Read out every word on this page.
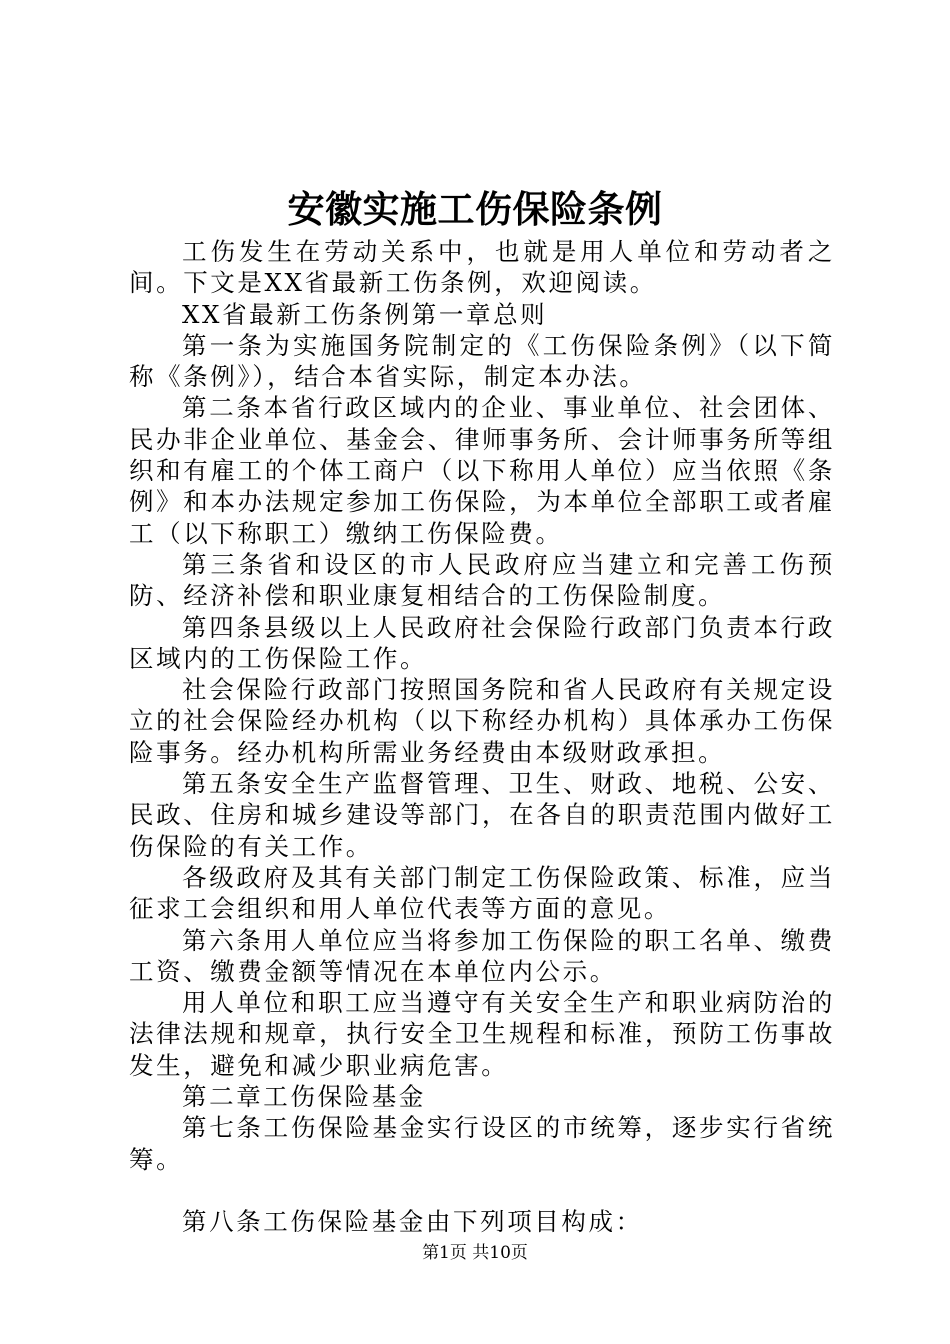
安徽实施工伤保险条例

工伤发生在劳动关系中，也就是用人单位和劳动者之间。下文是XX省最新工伤条例，欢迎阅读。

XX省最新工伤条例第一章总则

第一条为实施国务院制定的《工伤保险条例》（以下简称《条例》），结合本省实际，制定本办法。

第二条本省行政区域内的企业、事业单位、社会团体、民办非企业单位、基金会、律师事务所、会计师事务所等组织和有雇工的个体工商户（以下称用人单位）应当依照《条例》和本办法规定参加工伤保险，为本单位全部职工或者雇工（以下称职工）缴纳工伤保险费。

第三条省和设区的市人民政府应当建立和完善工伤预防、经济补偿和职业康复相结合的工伤保险制度。

第四条县级以上人民政府社会保险行政部门负责本行政区域内的工伤保险工作。

社会保险行政部门按照国务院和省人民政府有关规定设立的社会保险经办机构（以下称经办机构）具体承办工伤保险事务。经办机构所需业务经费由本级财政承担。

第五条安全生产监督管理、卫生、财政、地税、公安、民政、住房和城乡建设等部门，在各自的职责范围内做好工伤保险的有关工作。

各级政府及其有关部门制定工伤保险政策、标准，应当征求工会组织和用人单位代表等方面的意见。

第六条用人单位应当将参加工伤保险的职工名单、缴费工资、缴费金额等情况在本单位内公示。

用人单位和职工应当遵守有关安全生产和职业病防治的法律法规和规章，执行安全卫生规程和标准，预防工伤事故发生，避免和减少职业病危害。

第二章工伤保险基金

第七条工伤保险基金实行设区的市统筹，逐步实行省统筹。

第八条工伤保险基金由下列项目构成：

第1页 共10页
